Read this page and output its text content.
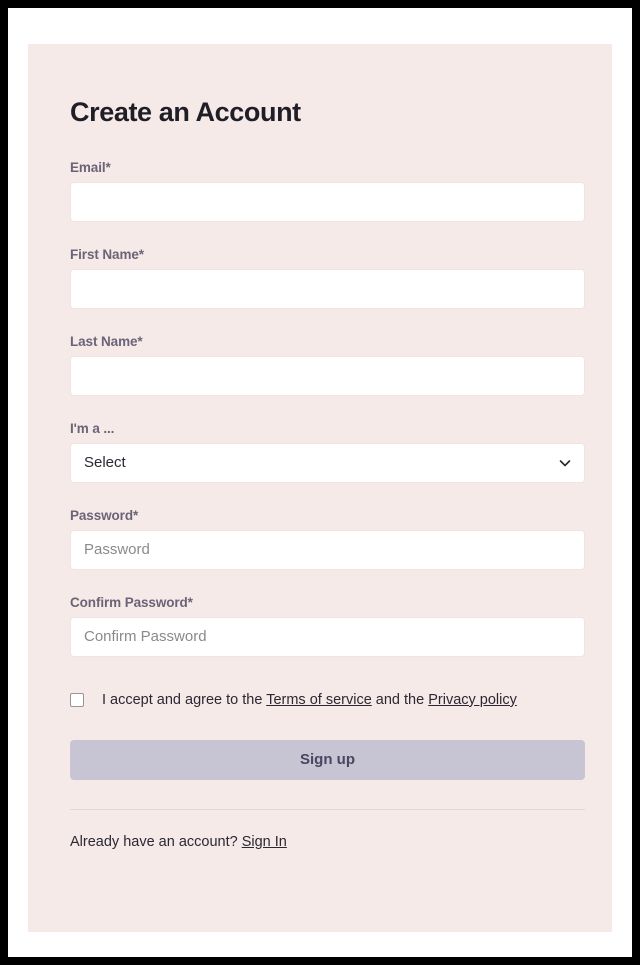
Create an Account
Email*
First Name*
Last Name*
I'm a ...
Select
Password*
Password
Confirm Password*
Confirm Password
I accept and agree to the Terms of service and the Privacy policy
Sign up
Already have an account? Sign In
